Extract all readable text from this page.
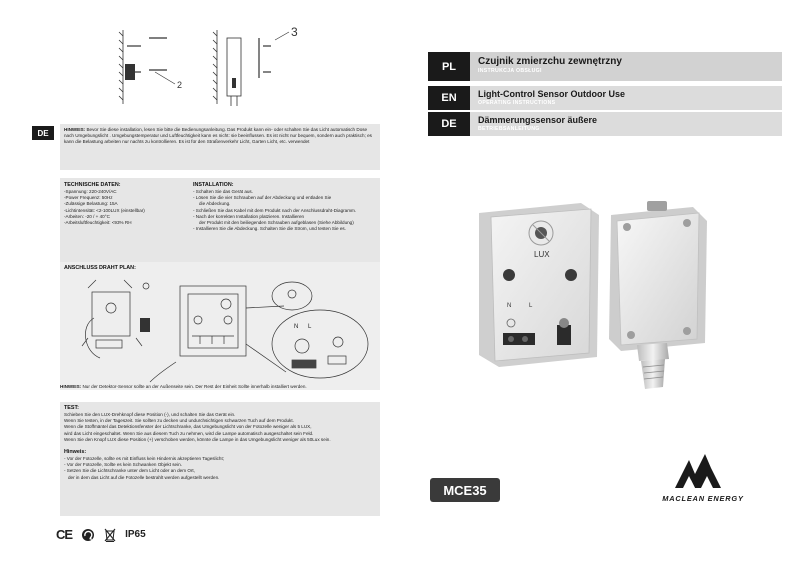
2
3
DE	HINWEIS: Bevor Sie diese installation, lesen Sie bitte die Bedienungsanleitung. Das Produkt kann ein- oder schalten Sie das Licht automatisch Dose nach Umgebungslicht . Umgebungstemperatur und Luftfeuchtigkeit kann es nicht: sie beeinflussen. Es ist nicht nur bequem, sondern auch praktisch; es kann die Belastung arbeiten nur nachts zu kontrollieren. Es ist für den Straßenverkehr Licht, Garten Licht, etc. verwendet

TECHNISCHE DATEN:
-Spannung: 220-240V/AC
-Power Frequenz: 50Hz
-Zulässige Belastung: 15A
-Lichtintensität: <2-100LUX (einstellbar)
-Arbeiten: -20 / + 40°C
-Arbeitsluftfeuchtigkeit: <93% RH
INSTALLATION:
- Schalten Sie das Gerät aus.
- Lösen Sie die vier Schrauben auf der Abdeckung und entladen Sie
die Abdeckung.
- Schließen Sie das Kabel mit dem Produkt nach der Anschlussdraht-Diagramm.
- Nach der korrekten Installation platzieren. Installieren
der Produkt mit den beiliegenden Schrauben aufgeblasen (Siehe Abbildung)
- Installieren Sie die Abdeckung. Schalten Sie die Strom, und testen Sie es.
ANSCHLUSS DRAHT PLAN:
N L

HINWEIS: Nur der Detektor-Sensor sollte an der Außenseite sein. Der Rest der Einheit Sollte innerhalb installiert werden.

TEST:
Schieben Sie den LUX-Drehknopf diese Position (-), und schalten Sie das Gerät ein.
Wenn Sie testen, in der Tageszeit. Sie sollten zu decken und undurchsichtigen schwarzen Tuch auf dem Produkt.
Wenn die Stoffmäntel das Detektionsfenster der Lichtschranke, das Umgebungslicht von der Fotozelle weniger als 5 LUX,
wird das Licht eingeschaltet. Wenn Sie aus diesem Tuch zu nehmen, wird die Lampe automatisch ausgeschaltet sein Feld.
Wenn Sie den Knopf LUX diese Position (+) verschoben werden, könnte die Lampe in das Umgebungslicht weniger als 50Lux sein.
Hinweis:
- Vor der Fotozelle, sollte es mit Einfluss kein Hindernis akzeptieren Tageslicht;
- Vor der Fotozelle, Sollte es kein Schwanken Objekt sein.
- Setzen Sie die Lichtschranke unter dem Licht oder an dem Ort,
der in dem das Licht auf die Fotozelle bestrahlt werden aufgestellt werden.
CE	IP65
PL	Czujnik zmierzchu zewnętrzny
INSTRUKCJA OBSŁUGI
EN	Light-Control Sensor Outdoor Use
OPERATING INSTRUCTIONS
DE	Dämmerungssensor äußere
BETRIEBSANLEITUNG
LUX
N	L
MCE35
MACLEAN ENERGY
